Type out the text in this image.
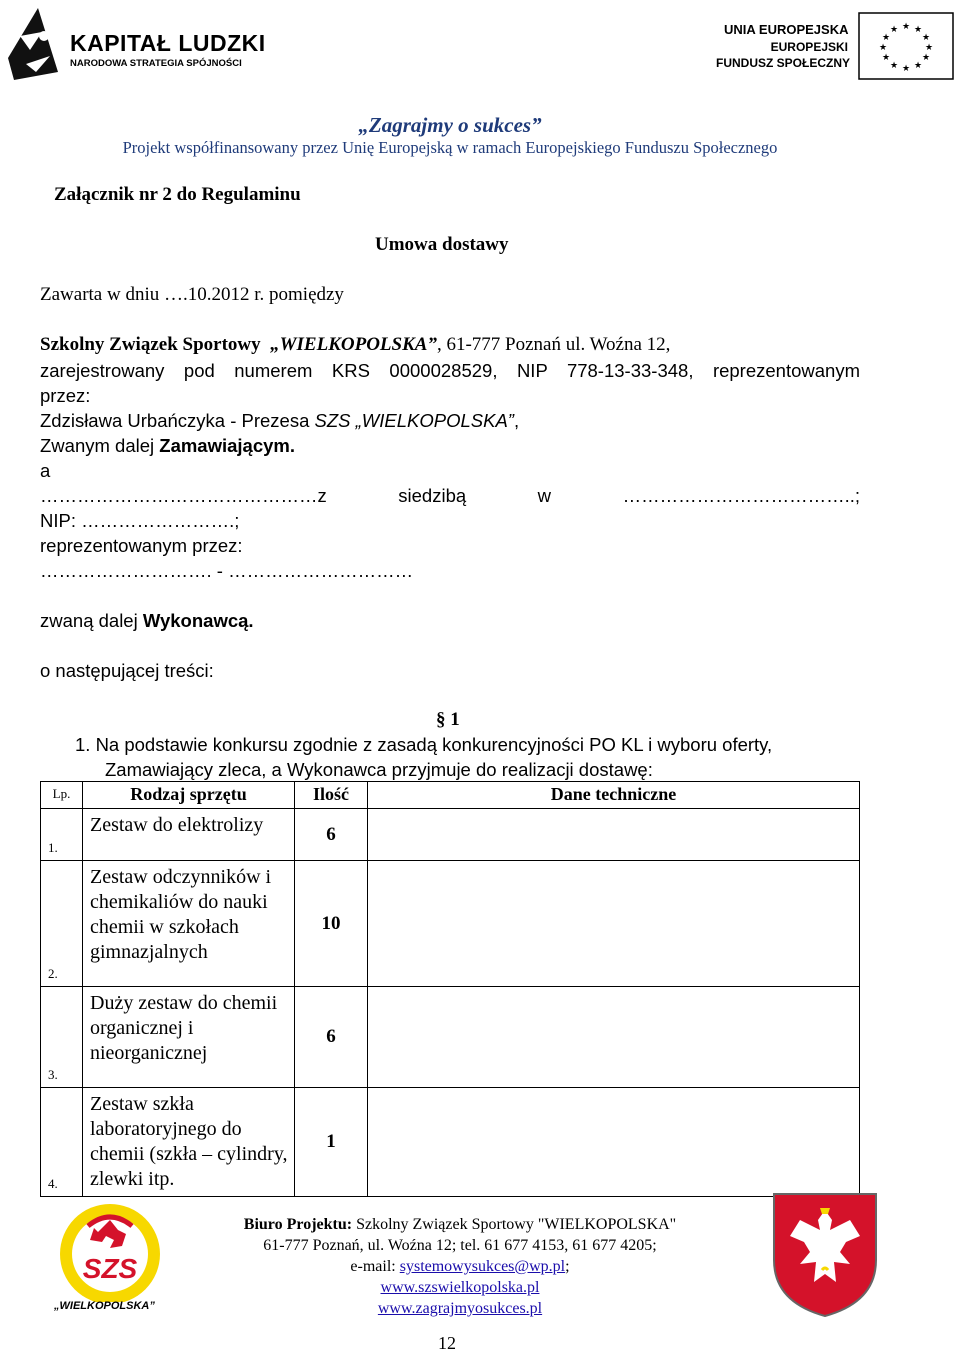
KAPITAŁ LUDZKI
NARODOWA STRATEGIA SPÓJNOŚCI
UNIA EUROPEJSKA
EUROPEJSKI
FUNDUSZ SPOŁECZNY
★ ★
★
★
★
★
★
★
★
★
★
★
„Zagrajmy o sukces”
Projekt współfinansowany przez Unię Europejską w ramach Europejskiego Funduszu Społecznego
Załącznik nr 2 do Regulaminu
Umowa dostawy
Zawarta w dniu ….10.2012 r. pomiędzy
Szkolny Związek Sportowy „WIELKOPOLSKA”, 61-777 Poznań ul. Woźna 12,
zarejestrowany pod numerem KRS 0000028529, NIP 778-13-33-348, reprezentowanym
przez:
Zdzisława Urbańczyka - Prezesa SZS „WIELKOPOLSKA”,
Zwanym dalej Zamawiającym.
a
………………………………………z	siedzibą	w	………………………………..;
NIP: …………………….;
reprezentowanym przez:
………………………. - …………………………
zwaną dalej Wykonawcą.
o następującej treści:
§ 1
1. Na podstawie konkursu zgodnie z zasadą konkurencyjności PO KL i wyboru oferty,
Zamawiający zleca, a Wykonawca przyjmuje do realizacji dostawę:
Lp.	Rodzaj sprzętu	Ilość	Dane techniczne
1.	Zestaw do elektrolizy	6	
2.	Zestaw odczynników i chemikaliów do nauki chemii w szkołach gimnazjalnych	10	
3.	Duży zestaw do chemii organicznej i nieorganicznej	6	
4.	Zestaw szkła laboratoryjnego do chemii (szkła – cylindry, zlewki itp.	1	
SZS
„WIELKOPOLSKA”
Biuro Projektu: Szkolny Związek Sportowy "WIELKOPOLSKA"
61-777 Poznań, ul. Woźna 12; tel. 61 677 4153, 61 677 4205;
e-mail: systemowysukces@wp.pl;
www.szswielkopolska.pl
www.zagrajmyosukces.pl
12
